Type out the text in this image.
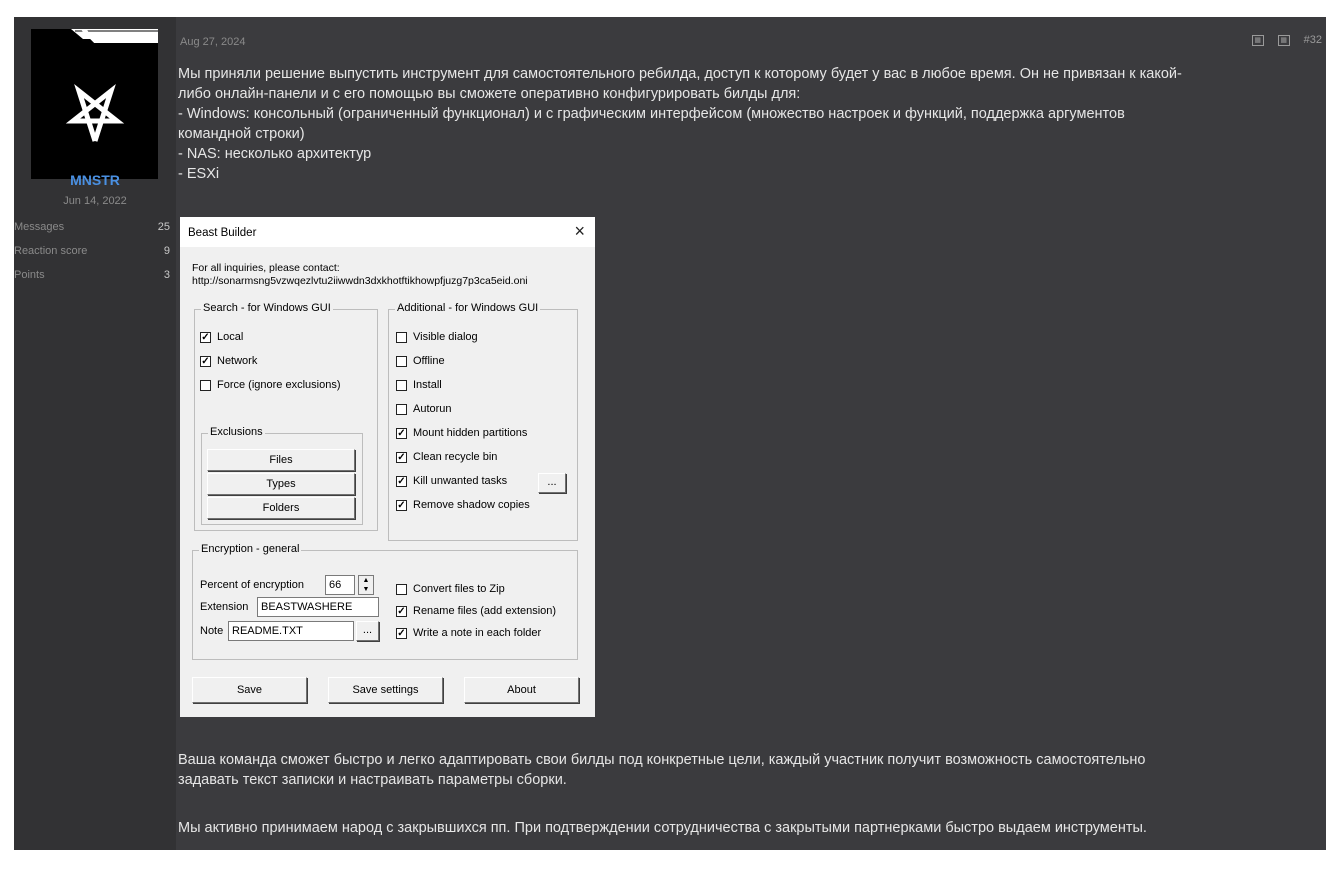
MNSTR
Jun 14, 2022
Messages	25
Reaction score	9
Points	3
Aug 27, 2024	▦	▦ #32

Мы приняли решение выпустить инструмент для самостоятельного ребилда, доступ к которому будет у вас в любое время. Он не привязан к какой-

либо онлайн-панели и с его помощью вы сможете оперативно конфигурировать билды для:

- Windows: консольный (ограниченный функционал) и с графическим интерфейсом (множество настроек и функций, поддержка аргументов

командной строки)

- NAS: несколько архитектур

- ESXi

Beast Builder	×
For all inquiries, please contact:
http://sonarmsng5vzwqezlvtu2iiwwdn3dxkhotftikhowpfjuzg7p3ca5eid.oni
Search - for Windows GUI
✓ Local
✓ Network
Force (ignore exclusions)
Exclusions
Files
Types
Folders
Additional - for Windows GUI
Visible dialog
Offline
Install
Autorun
✓ Mount hidden partitions
✓ Clean recycle bin
✓ Kill unwanted tasks	...
✓ Remove shadow copies
Encryption - general
Percent of encryption	66	▲
▼
Extension	BEASTWASHERE
Note README.TXT	...
Convert files to Zip
✓ Rename files (add extension)
✓ Write a note in each folder
Save	Save settings	About

Ваша команда сможет быстро и легко адаптировать свои билды под конкретные цели, каждый участник получит возможность самостоятельно

задавать текст записки и настраивать параметры сборки.

Мы активно принимаем народ с закрывшихся пп. При подтверждении сотрудничества с закрытыми партнерками быстро выдаем инструменты.
